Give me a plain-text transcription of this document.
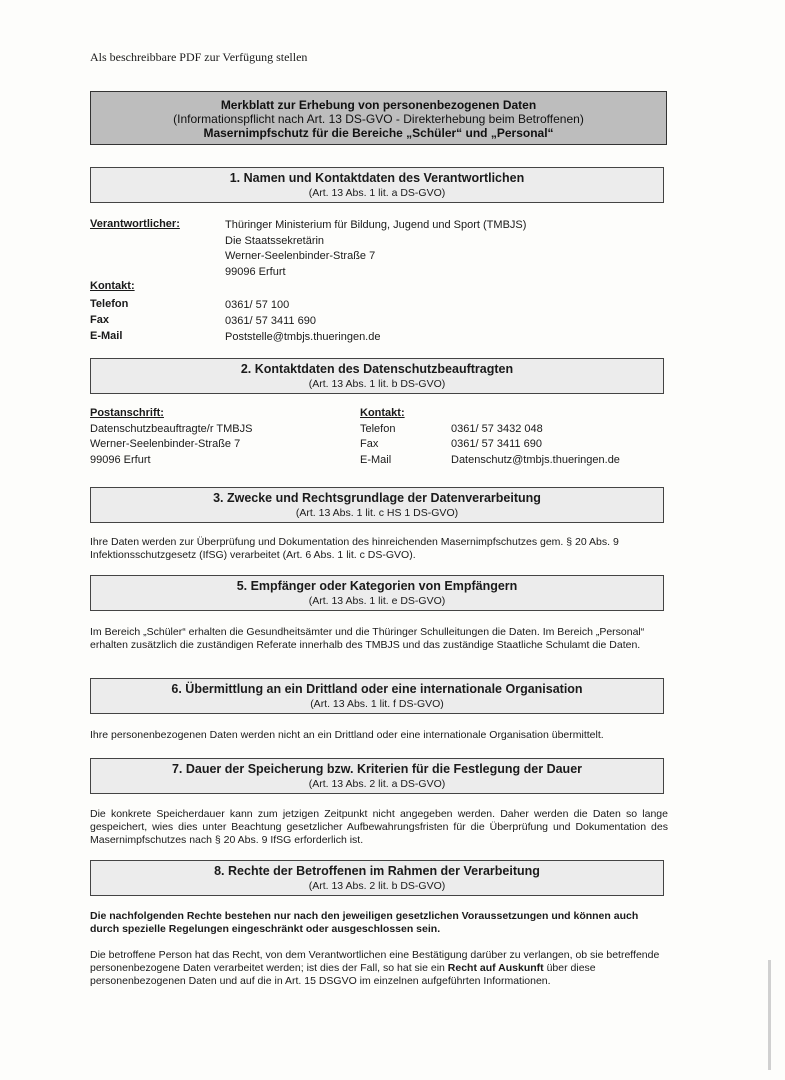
Als beschreibbare PDF zur Verfügung stellen
Merkblatt zur Erhebung von personenbezogenen Daten
(Informationspflicht nach Art. 13 DS-GVO - Direkterhebung beim Betroffenen)
Masernimpfschutz für die Bereiche „Schüler“ und „Personal“
1. Namen und Kontaktdaten des Verantwortlichen
(Art. 13 Abs. 1 lit. a DS-GVO)
Verantwortlicher:	Thüringer Ministerium für Bildung, Jugend und Sport (TMBJS)
Die Staatssekretärin
Werner-Seelenbinder-Straße 7
99096 Erfurt
Kontakt:
Telefon
Fax
E-Mail
0361/ 57 100
0361/ 57 3411 690
Poststelle@tmbjs.thueringen.de
2. Kontaktdaten des Datenschutzbeauftragten
(Art. 13 Abs. 1 lit. b DS-GVO)
Postanschrift:
Datenschutzbeauftragte/r TMBJS
Werner-Seelenbinder-Straße 7
99096 Erfurt
Kontakt:
Telefon
Fax
E-Mail
0361/ 57 3432 048
0361/ 57 3411 690
Datenschutz@tmbjs.thueringen.de
3. Zwecke und Rechtsgrundlage der Datenverarbeitung
(Art. 13 Abs. 1 lit. c HS 1 DS-GVO)
Ihre Daten werden zur Überprüfung und Dokumentation des hinreichenden Masernimpfschutzes gem. § 20 Abs. 9 Infektionsschutzgesetz (IfSG) verarbeitet (Art. 6 Abs. 1 lit. c DS-GVO).
5. Empfänger oder Kategorien von Empfängern
(Art. 13 Abs. 1 lit. e DS-GVO)
Im Bereich „Schüler“ erhalten die Gesundheitsämter und die Thüringer Schulleitungen die Daten. Im Bereich „Personal“ erhalten zusätzlich die zuständigen Referate innerhalb des TMBJS und das zuständige Staatliche Schulamt die Daten.
6. Übermittlung an ein Drittland oder eine internationale Organisation
(Art. 13 Abs. 1 lit. f DS-GVO)
Ihre personenbezogenen Daten werden nicht an ein Drittland oder eine internationale Organisation übermittelt.
7. Dauer der Speicherung bzw. Kriterien für die Festlegung der Dauer
(Art. 13 Abs. 2 lit. a DS-GVO)
Die konkrete Speicherdauer kann zum jetzigen Zeitpunkt nicht angegeben werden. Daher werden die Daten so lange gespeichert, wies dies unter Beachtung gesetzlicher Aufbewahrungsfristen für die Überprüfung und Dokumentation des Masernimpfschutzes nach § 20 Abs. 9 IfSG erforderlich ist.
8. Rechte der Betroffenen im Rahmen der Verarbeitung
(Art. 13 Abs. 2 lit. b DS-GVO)
Die nachfolgenden Rechte bestehen nur nach den jeweiligen gesetzlichen Voraussetzungen und können auch durch spezielle Regelungen eingeschränkt oder ausgeschlossen sein.
Die betroffene Person hat das Recht, von dem Verantwortlichen eine Bestätigung darüber zu verlangen, ob sie betreffende personenbezogene Daten verarbeitet werden; ist dies der Fall, so hat sie ein Recht auf Auskunft über diese personenbezogenen Daten und auf die in Art. 15 DSGVO im einzelnen aufgeführten Informationen.
